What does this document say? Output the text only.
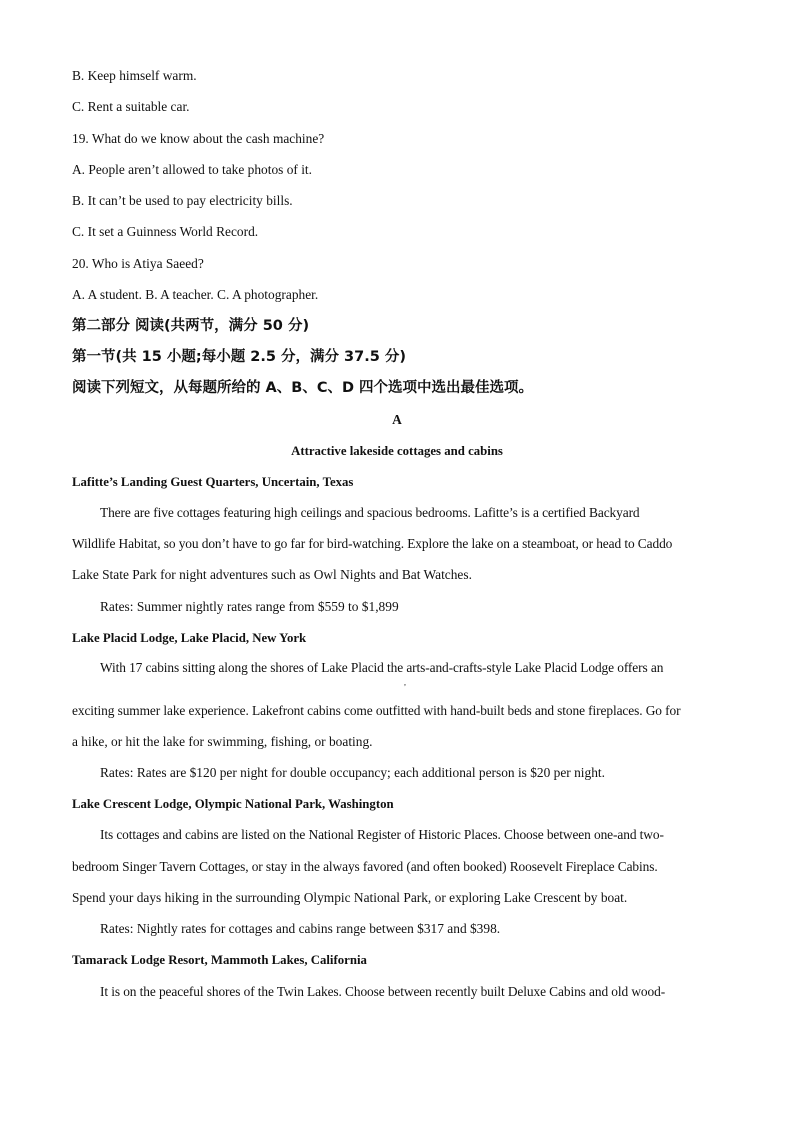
B. Keep himself warm.
C. Rent a suitable car.
19. What do we know about the cash machine?
A. People aren’t allowed to take photos of it.
B. It can’t be used to pay electricity bills.
C. It set a Guinness World Record.
20. Who is Atiya Saeed?
A. A student. B. A teacher. C. A photographer.
第二部分 阅读(共两节，满分 50 分)
第一节(共 15 小题;每小题 2.5 分，满分 37.5 分)
阅读下列短文，从每题所给的 A、B、C、D 四个选项中选出最佳选项。
A
Attractive lakeside cottages and cabins
Lafitte’s Landing Guest Quarters, Uncertain, Texas
There are five cottages featuring high ceilings and spacious bedrooms. Lafitte’s is a certified Backyard
Wildlife Habitat, so you don’t have to go far for bird-watching. Explore the lake on a steamboat, or head to Caddo
Lake State Park for night adventures such as Owl Nights and Bat Watches.
Rates: Summer nightly rates range from $559 to $1,899
Lake Placid Lodge, Lake Placid, New York
With 17 cabins sitting along the shores of Lake Placid the arts-and-crafts-style Lake Placid Lodge offers an
,
exciting summer lake experience. Lakefront cabins come outfitted with hand-built beds and stone fireplaces. Go for
a hike, or hit the lake for swimming, fishing, or boating.
Rates: Rates are $120 per night for double occupancy; each additional person is $20 per night.
Lake Crescent Lodge, Olympic National Park, Washington
Its cottages and cabins are listed on the National Register of Historic Places. Choose between one-and two-
bedroom Singer Tavern Cottages, or stay in the always favored (and often booked) Roosevelt Fireplace Cabins.
Spend your days hiking in the surrounding Olympic National Park, or exploring Lake Crescent by boat.
Rates: Nightly rates for cottages and cabins range between $317 and $398.
Tamarack Lodge Resort, Mammoth Lakes, California
It is on the peaceful shores of the Twin Lakes. Choose between recently built Deluxe Cabins and old wood-
